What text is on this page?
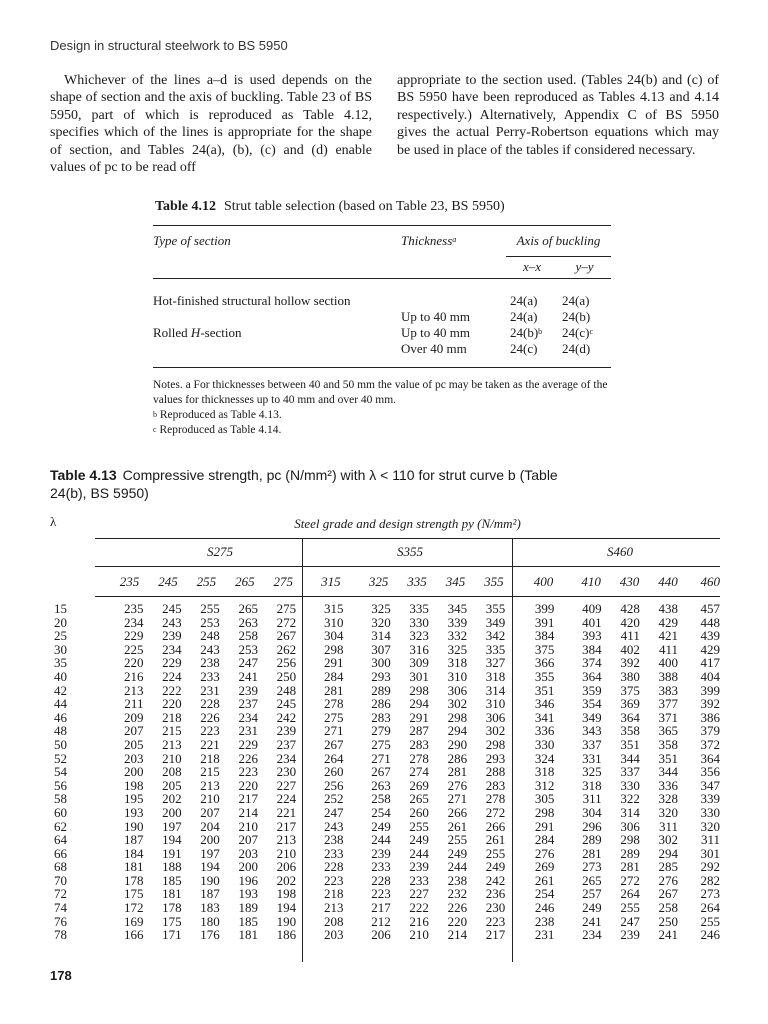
Design in structural steelwork to BS 5950

Whichever of the lines a–d is used depends on the shape of section and the axis of buckling. Table 23 of BS 5950, part of which is reproduced as Table 4.12, specifies which of the lines is appropriate for the shape of section, and Tables 24(a), (b), (c) and (d) enable values of pc to be read off

appropriate to the section used. (Tables 24(b) and (c) of BS 5950 have been reproduced as Tables 4.13 and 4.14 respectively.) Alternatively, Appendix C of BS 5950 gives the actual Perry-Robertson equations which may be used in place of the tables if considered necessary.

Table 4.12 Strut table selection (based on Table 23, BS 5950)

Type of section	Thickness$^a$	Axis of buckling	
		x–x	y–y

Hot-finished structural hollow section		24(a)	24(a)
	Up to 40 mm	24(a)	24(b)
Rolled H-section	Up to 40 mm	$24(b)^b$	$24(c)^c$
	Over 40 mm	24(c)	24(d)

Notes. a For thicknesses between 40 and 50 mm the value of pc may be taken as the average of the values for thicknesses up to 40 mm and over 40 mm.
$^b$ Reproduced as Table 4.13.
$^c$ Reproduced as Table 4.14.
Table 4.13 Compressive strength, pc (N/mm²) with λ < 110 for strut curve b (Table 24(b), BS 5950)
λ	Steel grade and design strength py (N/mm²)
S275	S355	S460
	235	245	255	265	275	315	325	335	345	355	400	410	430	440	460
15	235	245	255	265	275	315	325	335	345	355	399	409	428	438	457
20	234	243	253	263	272	310	320	330	339	349	391	401	420	429	448
25	229	239	248	258	267	304	314	323	332	342	384	393	411	421	439
30	225	234	243	253	262	298	307	316	325	335	375	384	402	411	429
35	220	229	238	247	256	291	300	309	318	327	366	374	392	400	417
40	216	224	233	241	250	284	293	301	310	318	355	364	380	388	404
42	213	222	231	239	248	281	289	298	306	314	351	359	375	383	399
44	211	220	228	237	245	278	286	294	302	310	346	354	369	377	392
46	209	218	226	234	242	275	283	291	298	306	341	349	364	371	386
48	207	215	223	231	239	271	279	287	294	302	336	343	358	365	379
50	205	213	221	229	237	267	275	283	290	298	330	337	351	358	372
52	203	210	218	226	234	264	271	278	286	293	324	331	344	351	364
54	200	208	215	223	230	260	267	274	281	288	318	325	337	344	356
56	198	205	213	220	227	256	263	269	276	283	312	318	330	336	347
58	195	202	210	217	224	252	258	265	271	278	305	311	322	328	339
60	193	200	207	214	221	247	254	260	266	272	298	304	314	320	330
62	190	197	204	210	217	243	249	255	261	266	291	296	306	311	320
64	187	194	200	207	213	238	244	249	255	261	284	289	298	302	311
66	184	191	197	203	210	233	239	244	249	255	276	281	289	294	301
68	181	188	194	200	206	228	233	239	244	249	269	273	281	285	292
70	178	185	190	196	202	223	228	233	238	242	261	265	272	276	282
72	175	181	187	193	198	218	223	227	232	236	254	257	264	267	273
74	172	178	183	189	194	213	217	222	226	230	246	249	255	258	264
76	169	175	180	185	190	208	212	216	220	223	238	241	247	250	255
78	166	171	176	181	186	203	206	210	214	217	231	234	239	241	246
178
